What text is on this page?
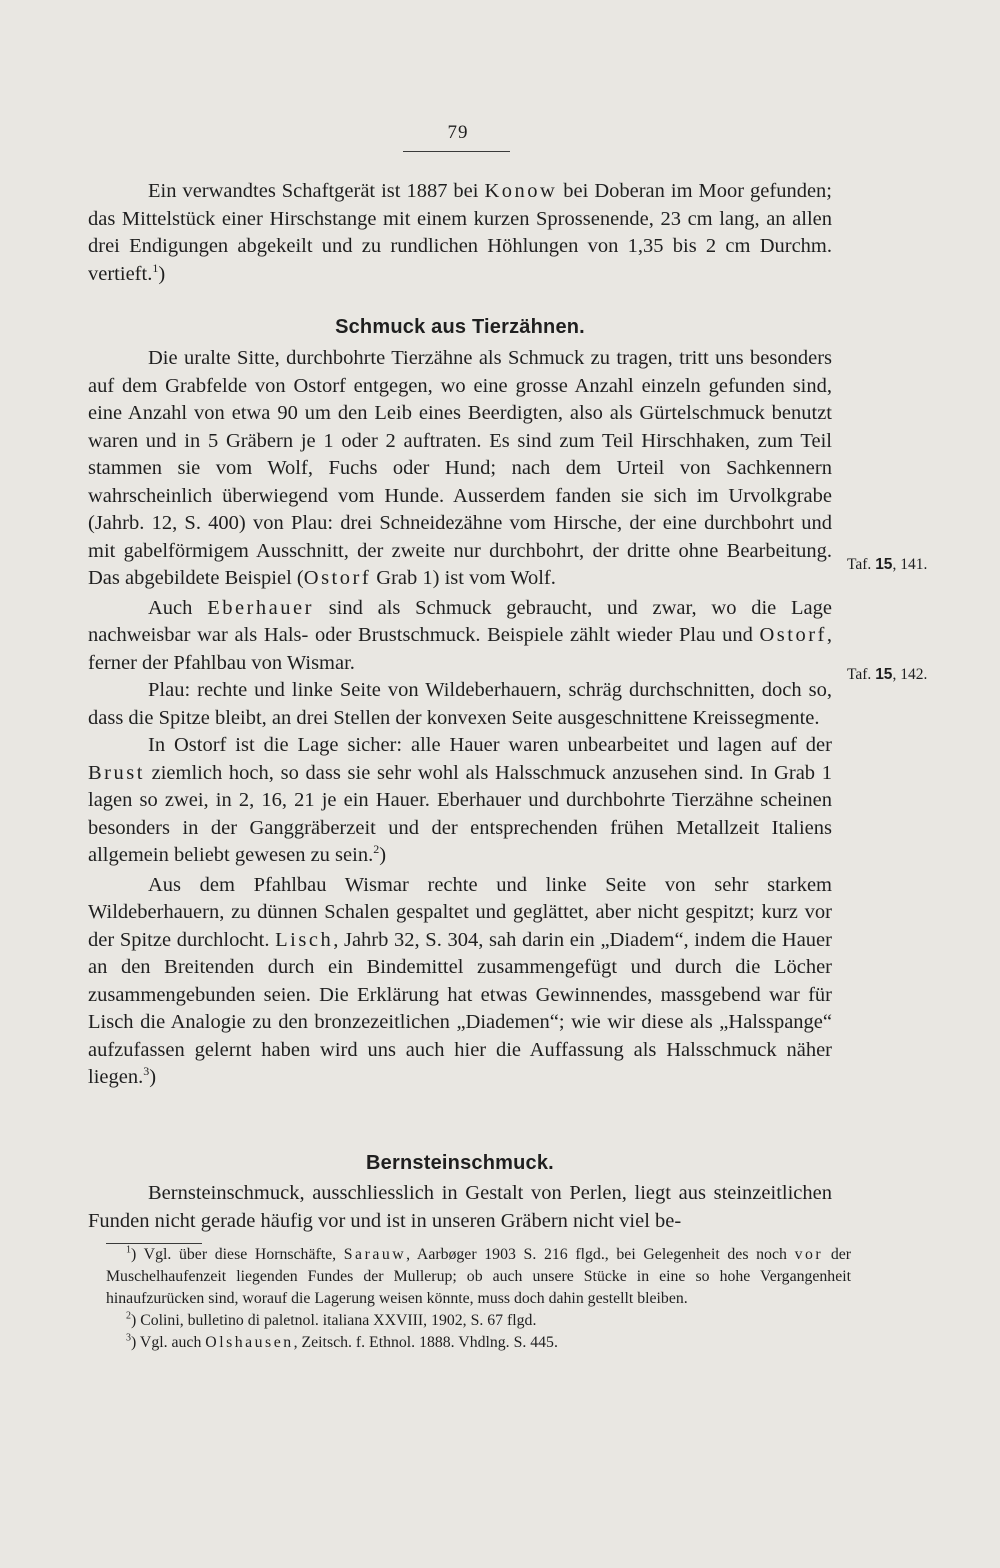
79

Ein verwandtes Schaftgerät ist 1887 bei Konow bei Doberan im Moor gefunden; das Mittelstück einer Hirschstange mit einem kurzen Sprossenende, 23 cm lang, an allen drei Endigungen abgekeilt und zu rundlichen Höhlungen von 1,35 bis 2 cm Durchm. vertieft.$^1$)

Schmuck aus Tierzähnen.

Die uralte Sitte, durchbohrte Tierzähne als Schmuck zu tragen, tritt uns besonders auf dem Grabfelde von Ostorf entgegen, wo eine grosse Anzahl einzeln gefunden sind, eine Anzahl von etwa 90 um den Leib eines Beerdigten, also als Gürtelschmuck benutzt waren und in 5 Gräbern je 1 oder 2 auftraten. Es sind zum Teil Hirschhaken, zum Teil stammen sie vom Wolf, Fuchs oder Hund; nach dem Urteil von Sachkennern wahrscheinlich überwiegend vom Hunde. Ausserdem fanden sie sich im Urvolkgrabe (Jahrb. 12, S. 400) von Plau: drei Schneidezähne vom Hirsche, der eine durchbohrt und mit gabelförmigem Ausschnitt, der zweite nur durchbohrt, der dritte ohne Bearbeitung. Das abgebildete Beispiel (Ostorf Grab 1) ist vom Wolf.

Auch Eberhauer sind als Schmuck gebraucht, und zwar, wo die Lage nachweisbar war als Hals- oder Brustschmuck. Beispiele zählt wieder Plau und Ostorf, ferner der Pfahlbau von Wismar.

Plau: rechte und linke Seite von Wildeberhauern, schräg durchschnitten, doch so, dass die Spitze bleibt, an drei Stellen der konvexen Seite ausgeschnittene Kreissegmente.

In Ostorf ist die Lage sicher: alle Hauer waren unbearbeitet und lagen auf der Brust ziemlich hoch, so dass sie sehr wohl als Halsschmuck anzusehen sind. In Grab 1 lagen so zwei, in 2, 16, 21 je ein Hauer. Eberhauer und durchbohrte Tierzähne scheinen besonders in der Ganggräberzeit und der entsprechenden frühen Metallzeit Italiens allgemein beliebt gewesen zu sein.$^2$)

Aus dem Pfahlbau Wismar rechte und linke Seite von sehr starkem Wildeberhauern, zu dünnen Schalen gespaltet und geglättet, aber nicht gespitzt; kurz vor der Spitze durchlocht. Lisch, Jahrb 32, S. 304, sah darin ein „Diadem“, indem die Hauer an den Breitenden durch ein Bindemittel zusammengefügt und durch die Löcher zusammengebunden seien. Die Erklärung hat etwas Gewinnendes, massgebend war für Lisch die Analogie zu den bronzezeitlichen „Diademen“; wie wir diese als „Halsspange“ aufzufassen gelernt haben wird uns auch hier die Auffassung als Halsschmuck näher liegen.$^3$)

Bernsteinschmuck.

Bernsteinschmuck, ausschliesslich in Gestalt von Perlen, liegt aus steinzeitlichen Funden nicht gerade häufig vor und ist in unseren Gräbern nicht viel be-

Taf. 15, 141.
Taf. 15, 142.

$^1$) Vgl. über diese Hornschäfte, Sarauw, Aarbøger 1903 S. 216 flgd., bei Gelegenheit des noch vor der Muschelhaufenzeit liegenden Fundes der Mullerup; ob auch unsere Stücke in eine so hohe Vergangenheit hinaufzurücken sind, worauf die Lagerung weisen könnte, muss doch dahin gestellt bleiben.

$^2$) Colini, bulletino di paletnol. italiana XXVIII, 1902, S. 67 flgd.

$^3$) Vgl. auch Olshausen, Zeitsch. f. Ethnol. 1888. Vhdlng. S. 445.
